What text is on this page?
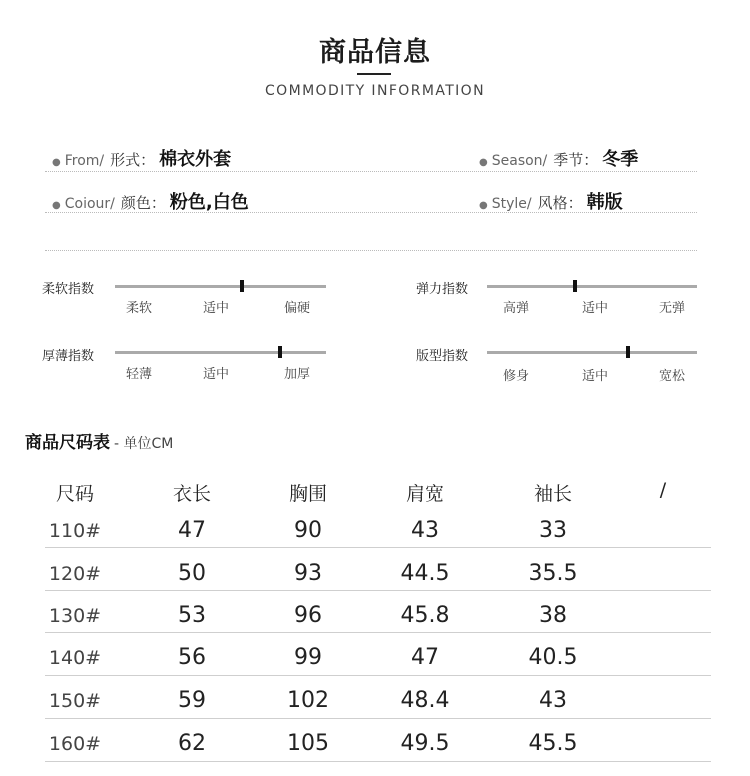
商品信息
COMMODITY INFORMATION
● From/ 形式： 棉衣外套	● Season/ 季节： 冬季
● Coiour/ 颜色： 粉色,白色	● Style/ 风格： 韩版
柔软指数
柔软	适中	偏硬
弹力指数
高弹	适中	无弹
厚薄指数
轻薄	适中	加厚
版型指数
修身	适中	宽松
商品尺码表 - 单位CM
尺码	衣长	胸围	肩宽	袖长	/
110#	47	90	43	33
120#	50	93	44.5	35.5
130#	53	96	45.8	38
140#	56	99	47	40.5
150#	59	102	48.4	43
160#	62	105	49.5	45.5
